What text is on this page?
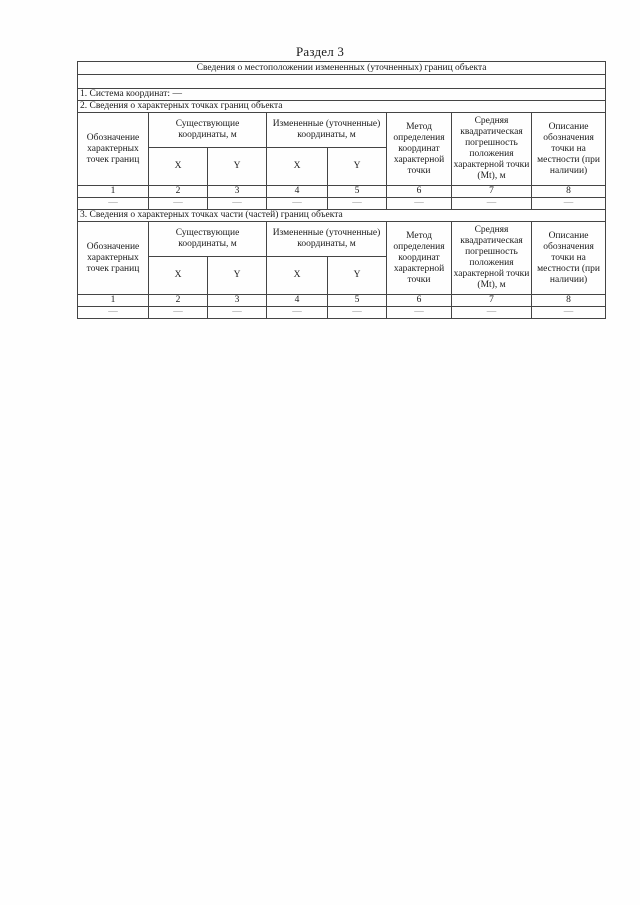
Раздел 3
Сведения о местоположении измененных (уточненных) границ объекта							

1. Система координат: —							
2. Сведения о характерных точках границ объекта							
Обозначение характерных точек границ	Существующие координаты, м		Измененные (уточненные) координаты, м		Метод определения координат характерной точки	Средняя квадратическая погрешность положения характерной точки (Mt), м	Описание обозначения точки на местности (при наличии)
	X	Y	X	Y			
1	2	3	4	5	6	7	8
—	—	—	—	—	—	—	—
3. Сведения о характерных точках части (частей) границ объекта							
Обозначение характерных точек границ	Существующие координаты, м		Измененные (уточненные) координаты, м		Метод определения координат характерной точки	Средняя квадратическая погрешность положения характерной точки (Mt), м	Описание обозначения точки на местности (при наличии)
	X	Y	X	Y			
1	2	3	4	5	6	7	8
—	—	—	—	—	—	—	—
